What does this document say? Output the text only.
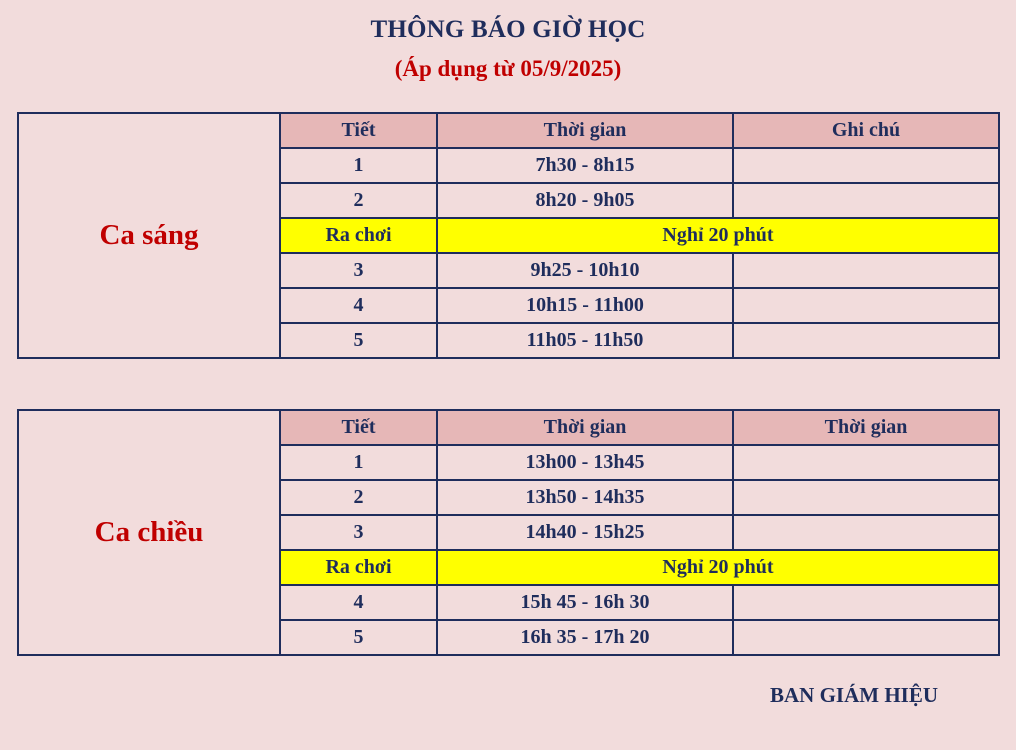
THÔNG BÁO GIỜ HỌC
(Áp dụng từ 05/9/2025)
Ca sáng	Tiết	Thời gian	Ghi chú
	1	7h30 - 8h15	
	2	8h20 - 9h05	
	Ra chơi	Nghỉ 20 phút	
	3	9h25 - 10h10	
	4	10h15 - 11h00	
	5	11h05 - 11h50	
Ca chiều	Tiết	Thời gian	Thời gian
	1	13h00 - 13h45	
	2	13h50 - 14h35	
	3	14h40 - 15h25	
	Ra chơi	Nghỉ 20 phút	
	4	15h 45 - 16h 30	
	5	16h 35 - 17h 20	
BAN GIÁM HIỆU
